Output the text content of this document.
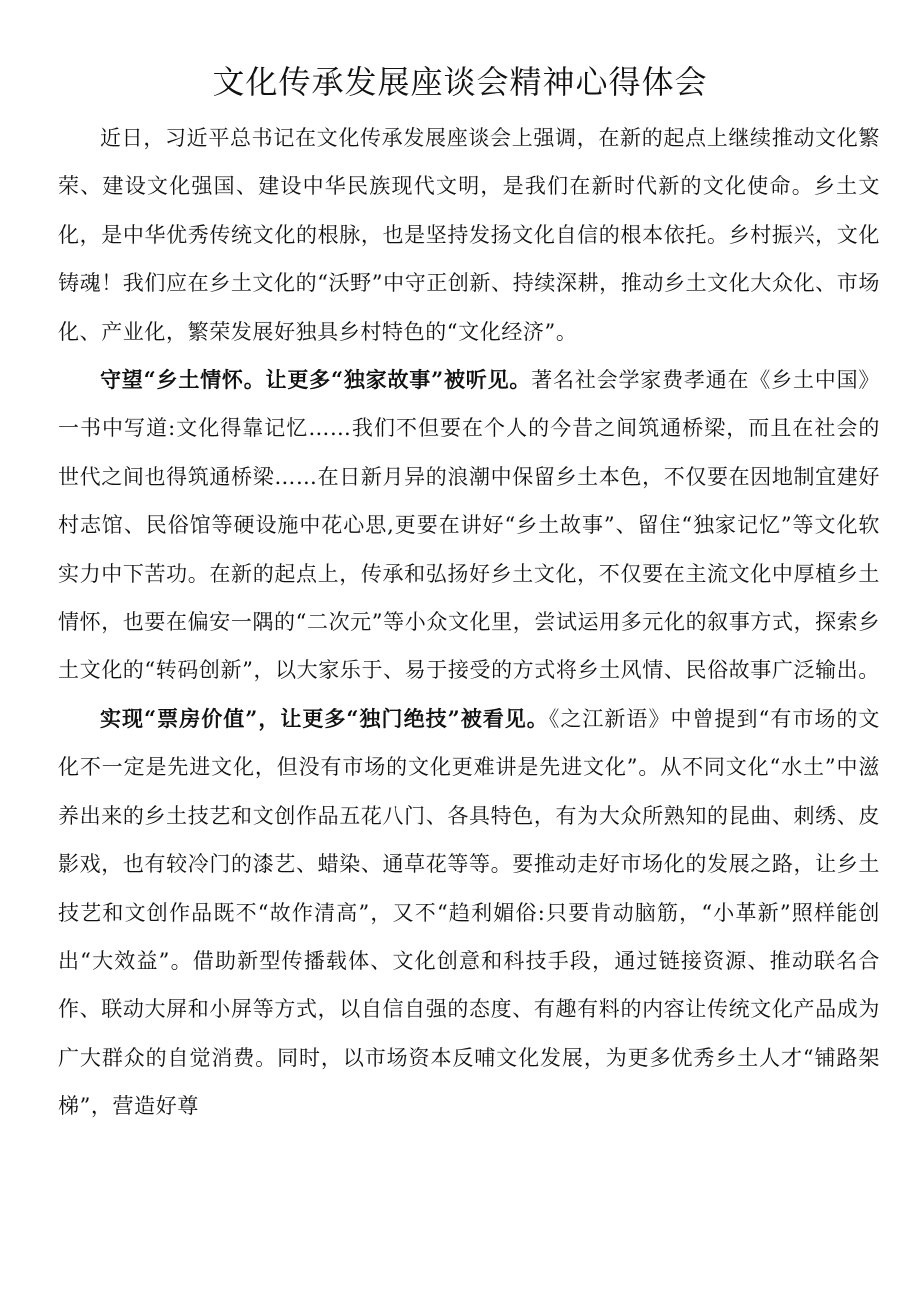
文化传承发展座谈会精神心得体会

近日，习近平总书记在文化传承发展座谈会上强调，在新的起点上继续推动文化繁荣、建设文化强国、建设中华民族现代文明，是我们在新时代新的文化使命。乡土文化，是中华优秀传统文化的根脉，也是坚持发扬文化自信的根本依托。乡村振兴，文化铸魂！我们应在乡土文化的“沃野”中守正创新、持续深耕，推动乡土文化大众化、市场化、产业化，繁荣发展好独具乡村特色的“文化经济”。

守望“乡土情怀。让更多“独家故事”被听见。著名社会学家费孝通在《乡土中国》一书中写道:文化得靠记忆……我们不但要在个人的今昔之间筑通桥梁，而且在社会的世代之间也得筑通桥梁……在日新月异的浪潮中保留乡土本色，不仅要在因地制宜建好村志馆、民俗馆等硬设施中花心思,更要在讲好“乡土故事”、留住“独家记忆”等文化软实力中下苦功。在新的起点上，传承和弘扬好乡土文化，不仅要在主流文化中厚植乡土情怀，也要在偏安一隅的“二次元”等小众文化里，尝试运用多元化的叙事方式，探索乡土文化的“转码创新”，以大家乐于、易于接受的方式将乡土风情、民俗故事广泛输出。

实现“票房价值”，让更多“独门绝技”被看见。《之江新语》中曾提到“有市场的文化不一定是先进文化，但没有市场的文化更难讲是先进文化”。从不同文化“水土”中滋养出来的乡土技艺和文创作品五花八门、各具特色，有为大众所熟知的昆曲、刺绣、皮影戏，也有较冷门的漆艺、蜡染、通草花等等。要推动走好市场化的发展之路，让乡土技艺和文创作品既不“故作清高”，又不“趋利媚俗:只要肯动脑筋，“小革新”照样能创出“大效益”。借助新型传播载体、文化创意和科技手段，通过链接资源、推动联名合作、联动大屏和小屏等方式，以自信自强的态度、有趣有料的内容让传统文化产品成为广大群众的自觉消费。同时，以市场资本反哺文化发展，为更多优秀乡土人才“铺路架梯”，营造好尊
